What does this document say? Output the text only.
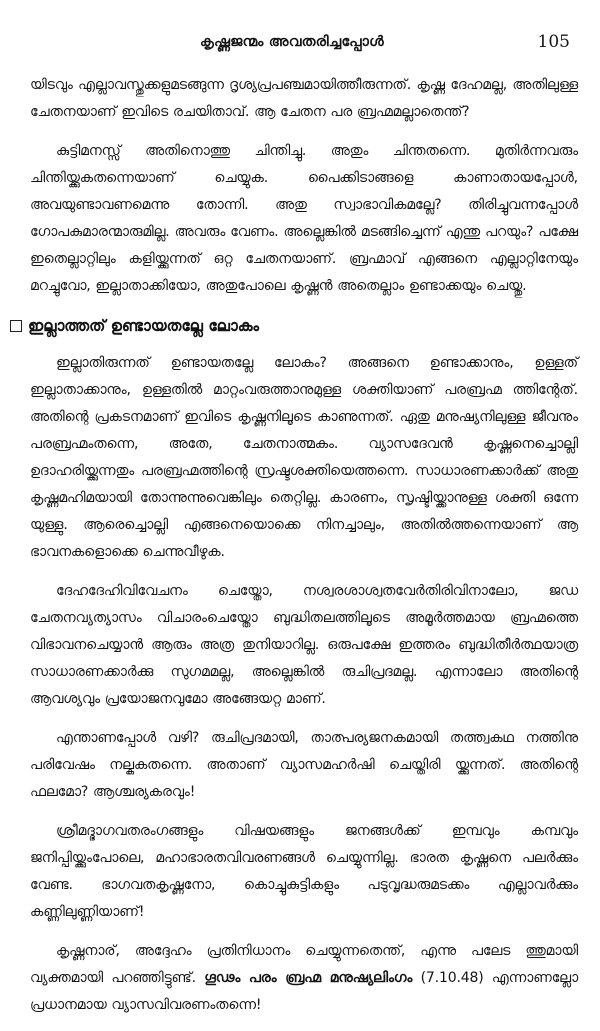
കൃഷ്ണജന്മം അവതരിച്ചപ്പോൾ	105

യിടവും എല്ലാവസ്തുക്കളുമടങ്ങുന്ന ദൃശ്യപ്രപഞ്ചമായിത്തീരുന്നത്. കൃഷ്ണ ദേഹമല്ല, അതിലുള്ള ചേതനയാണ് ഇവിടെ രചയിതാവ്. ആ ചേതന പര ബ്രഹ്മമല്ലാതെന്ത്?

കുട്ടിമനസ്സ് അതിനൊത്തു ചിന്തിച്ചു. അതും ചിന്തതന്നെ. മുതിർന്നവരും ചിന്തിയ്ക്കുകതന്നെയാണ് ചെയ്യുക. പൈക്കിടാങ്ങളെ കാണാതായപ്പോൾ, അവയുണ്ടാവണമെന്നു തോന്നി. അതു സ്വാഭാവികമല്ലേ? തിരിച്ചുവന്നപ്പോൾ ഗോപകുമാരന്മാരുമില്ല. അവരും വേണം. അല്ലെങ്കിൽ മടങ്ങിച്ചെന്ന് എന്തു പറയും? പക്ഷേ ഇതെല്ലാറ്റിലും കളിയ്ക്കുന്നത് ഒറ്റ ചേതനയാണ്. ബ്രഹ്മാവ് എങ്ങനെ എല്ലാറ്റിനേയും മറച്ചുവോ, ഇല്ലാതാക്കിയോ, അതുപോലെ കൃഷ്ണൻ അതെല്ലാം ഉണ്ടാക്കയും ചെയ്തു.

ഇല്ലാത്തത് ഉണ്ടായതല്ലേ ലോകം

ഇല്ലാതിരുന്നത് ഉണ്ടായതല്ലേ ലോകം? അങ്ങനെ ഉണ്ടാക്കാനും, ഉള്ളത് ഇല്ലാതാക്കാനും, ഉള്ളതിൽ മാറ്റംവരുത്താനുമുള്ള ശക്തിയാണ് പരബ്രഹ്മ ത്തിന്റേത്. അതിന്റെ പ്രകടനമാണ് ഇവിടെ കൃഷ്ണനിലൂടെ കാണുന്നത്. ഏതു മനുഷ്യനിലുള്ള ജീവനും പരബ്രഹ്മംതന്നെ, അതേ, ചേതനാത്മകം. വ്യാസദേവൻ കൃഷ്ണനെച്ചൊല്ലി ഉദാഹരിയ്ക്കുന്നതും പരബ്രഹ്മത്തിന്റെ സ്രഷ്ടൃശക്തിയെത്തന്നെ. സാധാരണക്കാർക്ക് അതു കൃഷ്ണമഹിമയായി തോന്നുന്നുവെങ്കിലും തെറ്റില്ല. കാരണം, സൃഷ്ടിയ്ക്കാനുള്ള ശക്തി ഒന്നേ യുള്ളു. ആരെച്ചൊല്ലി എങ്ങനെയൊക്കെ നിനച്ചാലും, അതിൽത്തന്നെയാണ് ആ ഭാവനകളൊക്കെ ചെന്നുവീഴുക.

ദേഹദേഹിവിവേചനം ചെയ്തോ, നശ്വരശാശ്വതവേർതിരിവിനാലോ, ജഡ ചേതനവ്യത്യാസം വിചാരംചെയ്തോ ബുദ്ധിതലത്തിലൂടെ അമൂർത്തമായ ബ്രഹ്മത്തെ വിഭാവനചെയ്യാൻ ആരും അത്ര തുനിയാറില്ല. ഒരുപക്ഷേ ഇത്തരം ബുദ്ധിതീർത്ഥയാത്ര സാധാരണക്കാർക്കു സുഗമമല്ല, അല്ലെങ്കിൽ രുചിപ്രദമല്ല. എന്നാലോ അതിന്റെ ആവശ്യവും പ്രയോജനവുമോ അങ്ങേയറ്റ മാണ്.

എന്താണപ്പോൾ വഴി? രുചിപ്രദമായി, താത്പര്യജനകമായി തത്ത്വകഥ നത്തിനു പരിവേഷം നല്കുകതന്നെ. അതാണ് വ്യാസമഹർഷി ചെയ്തിരി യ്ക്കുന്നത്. അതിന്റെ ഫലമോ? ആശ്ചര്യകരവും!

ശ്രീമദ്ഭാഗവതരംഗങ്ങളും വിഷയങ്ങളും ജനങ്ങൾക്ക് ഇമ്പവും കമ്പവും ജനിപ്പിയ്ക്കുംപോലെ, മഹാഭാരതവിവരണങ്ങൾ ചെയ്യുന്നില്ല. ഭാരത കൃഷ്ണനെ പലർക്കും വേണ്ട. ഭാഗവതകൃഷ്ണനോ, കൊച്ചുകുട്ടികളും പടുവൃദ്ധരുമടക്കം എല്ലാവർക്കും കണ്ണിലുണ്ണിയാണ്!

കൃഷ്ണനാര്, അദ്ദേഹം പ്രതിനിധാനം ചെയ്യുന്നതെന്ത്, എന്നു പലേട ത്തുമായി വ്യക്തമായി പറഞ്ഞിട്ടുണ്ട്. ഗൂഢം പരം ബ്രഹ്മ മനുഷ്യലിംഗം (7.10.48) എന്നാണല്ലോ പ്രധാനമായ വ്യാസവിവരണംതന്നെ!
